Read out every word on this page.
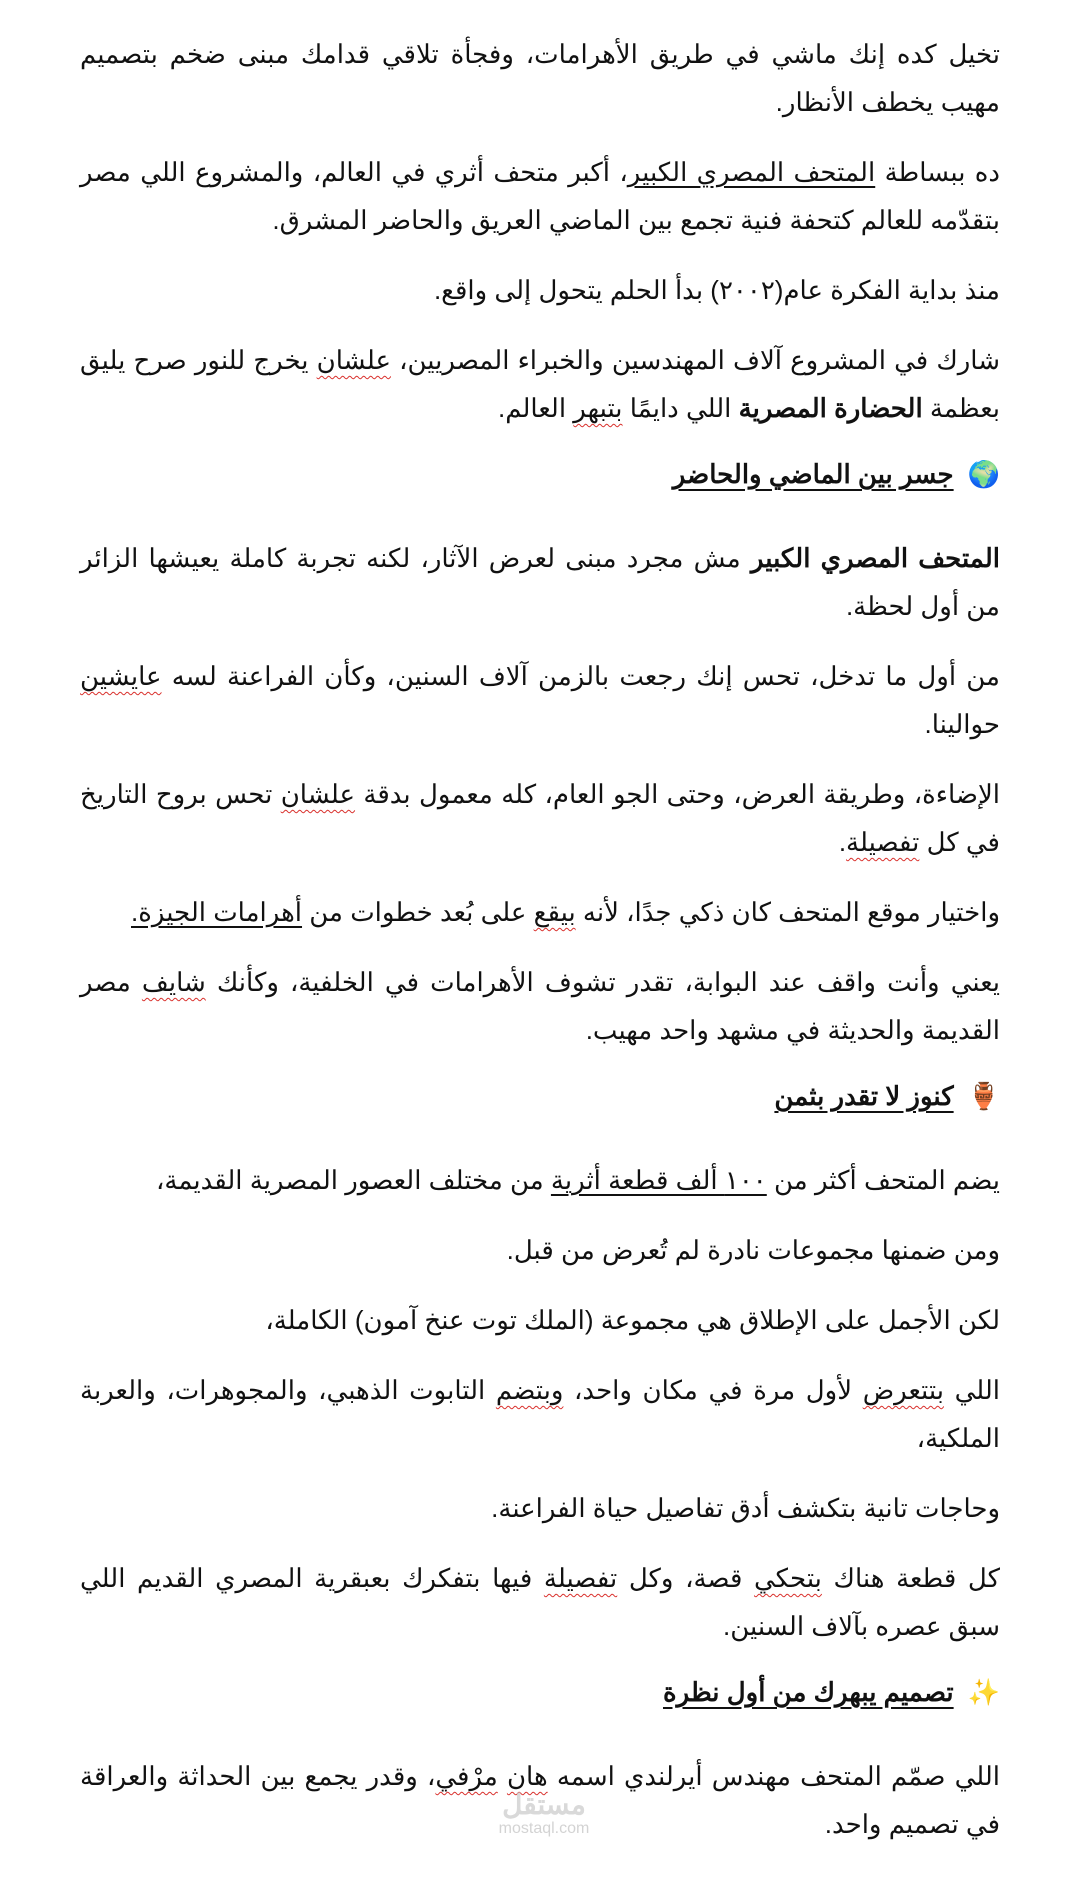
تخيل كده إنك ماشي في طريق الأهرامات، وفجأة تلاقي قدامك مبنى ضخم بتصميم مهيب يخطف الأنظار.

ده ببساطة المتحف المصري الكبير، أكبر متحف أثري في العالم، والمشروع اللي مصر بتقدّمه للعالم كتحفة فنية تجمع بين الماضي العريق والحاضر المشرق.

منذ بداية الفكرة عام(٢٠٠٢) بدأ الحلم يتحول إلى واقع.

شارك في المشروع آلاف المهندسين والخبراء المصريين، علشان يخرج للنور صرح يليق بعظمة الحضارة المصرية اللي دايمًا بتبهر العالم.

🌍جسر بين الماضي والحاضر

المتحف المصري الكبير مش مجرد مبنى لعرض الآثار، لكنه تجربة كاملة يعيشها الزائر من أول لحظة.

من أول ما تدخل، تحس إنك رجعت بالزمن آلاف السنين، وكأن الفراعنة لسه عايشين حوالينا.

الإضاءة، وطريقة العرض، وحتى الجو العام، كله معمول بدقة علشان تحس بروح التاريخ في كل تفصيلة.

واختيار موقع المتحف كان ذكي جدًا، لأنه بيقع على بُعد خطوات من أهرامات الجيزة.

يعني وأنت واقف عند البوابة، تقدر تشوف الأهرامات في الخلفية، وكأنك شايف مصر القديمة والحديثة في مشهد واحد مهيب.

🏺كنوز لا تقدر بثمن

يضم المتحف أكثر من ١٠٠ ألف قطعة أثرية من مختلف العصور المصرية القديمة،

ومن ضمنها مجموعات نادرة لم تُعرض من قبل.

لكن الأجمل على الإطلاق هي مجموعة (الملك توت عنخ آمون) الكاملة،

اللي بتتعرض لأول مرة في مكان واحد، وبتضم التابوت الذهبي، والمجوهرات، والعربة الملكية،

وحاجات تانية بتكشف أدق تفاصيل حياة الفراعنة.

كل قطعة هناك بتحكي قصة، وكل تفصيلة فيها بتفكرك بعبقرية المصري القديم اللي سبق عصره بآلاف السنين.

✨تصميم يبهرك من أول نظرة

اللي صمّم المتحف مهندس أيرلندي اسمه هان مرْفي، وقدر يجمع بين الحداثة والعراقة في تصميم واحد.

مستقل
mostaql.com
